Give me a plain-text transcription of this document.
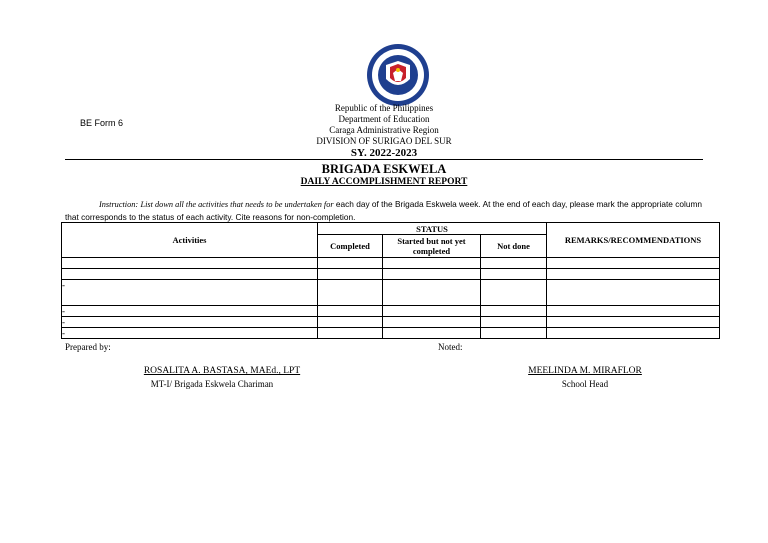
BE Form 6
Republic of the Philippines
Department of Education
Caraga Administrative Region
DIVISION OF SURIGAO DEL SUR
SY. 2022-2023
BRIGADA ESKWELA
DAILY ACCOMPLISHMENT REPORT
Instruction: List down all the activities that needs to be undertaken for each day of the Brigada Eskwela week. At the end of each day, please mark the appropriate column that corresponds to the status of each activity. Cite reasons for non-completion.
Activities	STATUS			REMARKS/RECOMMENDATIONS
	Completed	Started but not yet completed	Not done	

-				
-				
-				
-				
Prepared by:	Noted:
ROSALITA A. BASTASA, MAEd., LPT
MT-I/ Brigada Eskwela Chariman
MEELINDA M. MIRAFLOR
School Head
